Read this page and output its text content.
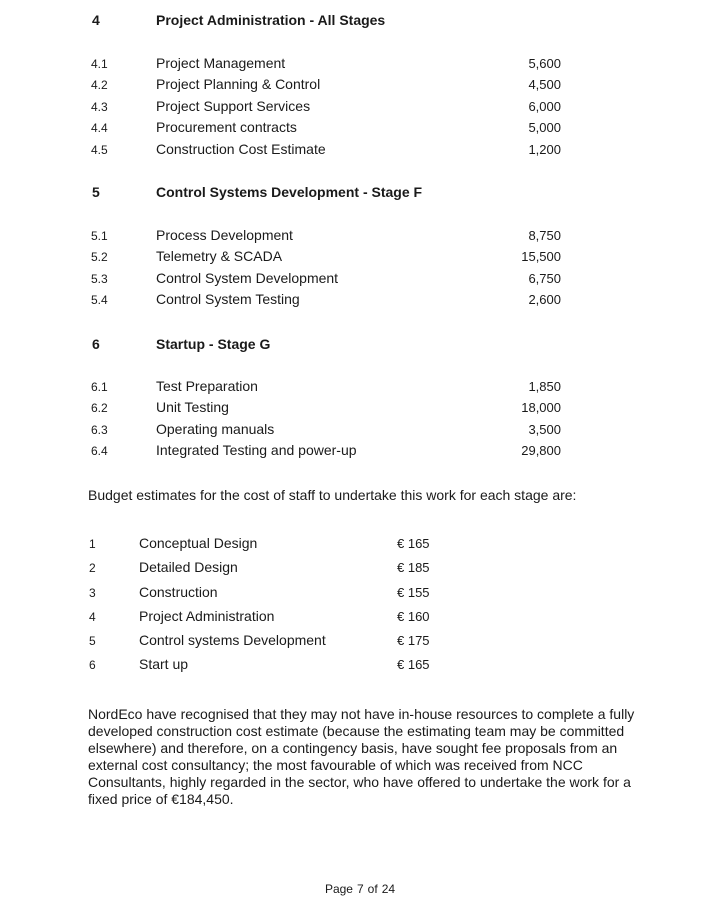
4	Project Administration - All Stages
4.1	Project Management	5,600
4.2	Project Planning & Control	4,500
4.3	Project Support Services	6,000
4.4	Procurement contracts	5,000
4.5	Construction Cost Estimate	1,200
5	Control Systems Development - Stage F
5.1	Process Development	8,750
5.2	Telemetry & SCADA	15,500
5.3	Control System Development	6,750
5.4	Control System Testing	2,600
6	Startup - Stage G
6.1	Test Preparation	1,850
6.2	Unit Testing	18,000
6.3	Operating manuals	3,500
6.4	Integrated Testing and power-up	29,800
Budget estimates for the cost of staff to undertake this work for each stage are:
1	Conceptual Design	€ 165
2	Detailed Design	€ 185
3	Construction	€ 155
4	Project Administration	€ 160
5	Control systems Development	€ 175
6	Start up	€ 165
NordEco have recognised that they may not have in-house resources to complete a fully developed construction cost estimate (because the estimating team may be committed elsewhere) and therefore, on a contingency basis, have sought fee proposals from an external cost consultancy; the most favourable of which was received from NCC Consultants, highly regarded in the sector, who have offered to undertake the work for a fixed price of €184,450.
Page 7 of 24
